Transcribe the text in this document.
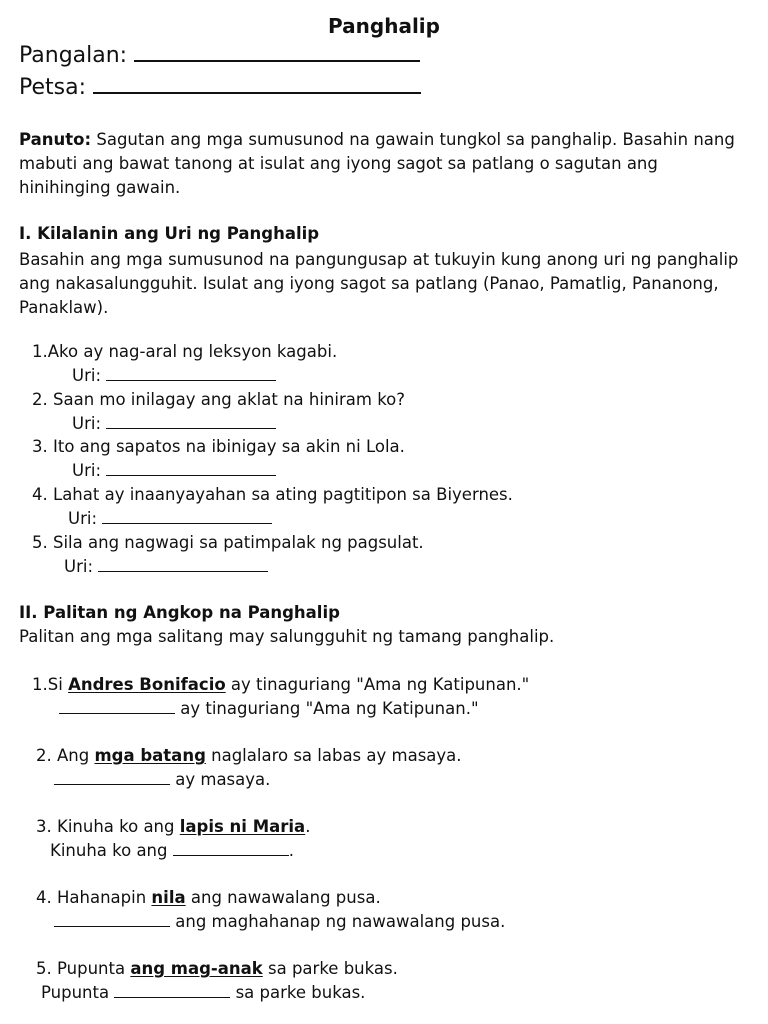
Panghalip
Pangalan:
Petsa:
Panuto: Sagutan ang mga sumusunod na gawain tungkol sa panghalip. Basahin nang mabuti ang bawat tanong at isulat ang iyong sagot sa patlang o sagutan ang hinihinging gawain.
I. Kilalanin ang Uri ng Panghalip
Basahin ang mga sumusunod na pangungusap at tukuyin kung anong uri ng panghalip ang nakasalungguhit. Isulat ang iyong sagot sa patlang (Panao, Pamatlig, Pananong, Panaklaw).
1.Ako ay nag-aral ng leksyon kagabi.
Uri:
2. Saan mo inilagay ang aklat na hiniram ko?
Uri:
3. Ito ang sapatos na ibinigay sa akin ni Lola.
Uri:
4. Lahat ay inaanyayahan sa ating pagtitipon sa Biyernes.
Uri:
5. Sila ang nagwagi sa patimpalak ng pagsulat.
Uri:
II. Palitan ng Angkop na Panghalip
Palitan ang mga salitang may salungguhit ng tamang panghalip.
1.Si Andres Bonifacio ay tinaguriang "Ama ng Katipunan."
ay tinaguriang "Ama ng Katipunan."
2. Ang mga batang naglalaro sa labas ay masaya.
ay masaya.
3. Kinuha ko ang lapis ni Maria.
Kinuha ko ang	.
4. Hahanapin nila ang nawawalang pusa.
ang maghahanap ng nawawalang pusa.
5. Pupunta ang mag-anak sa parke bukas.
Pupunta	sa parke bukas.
